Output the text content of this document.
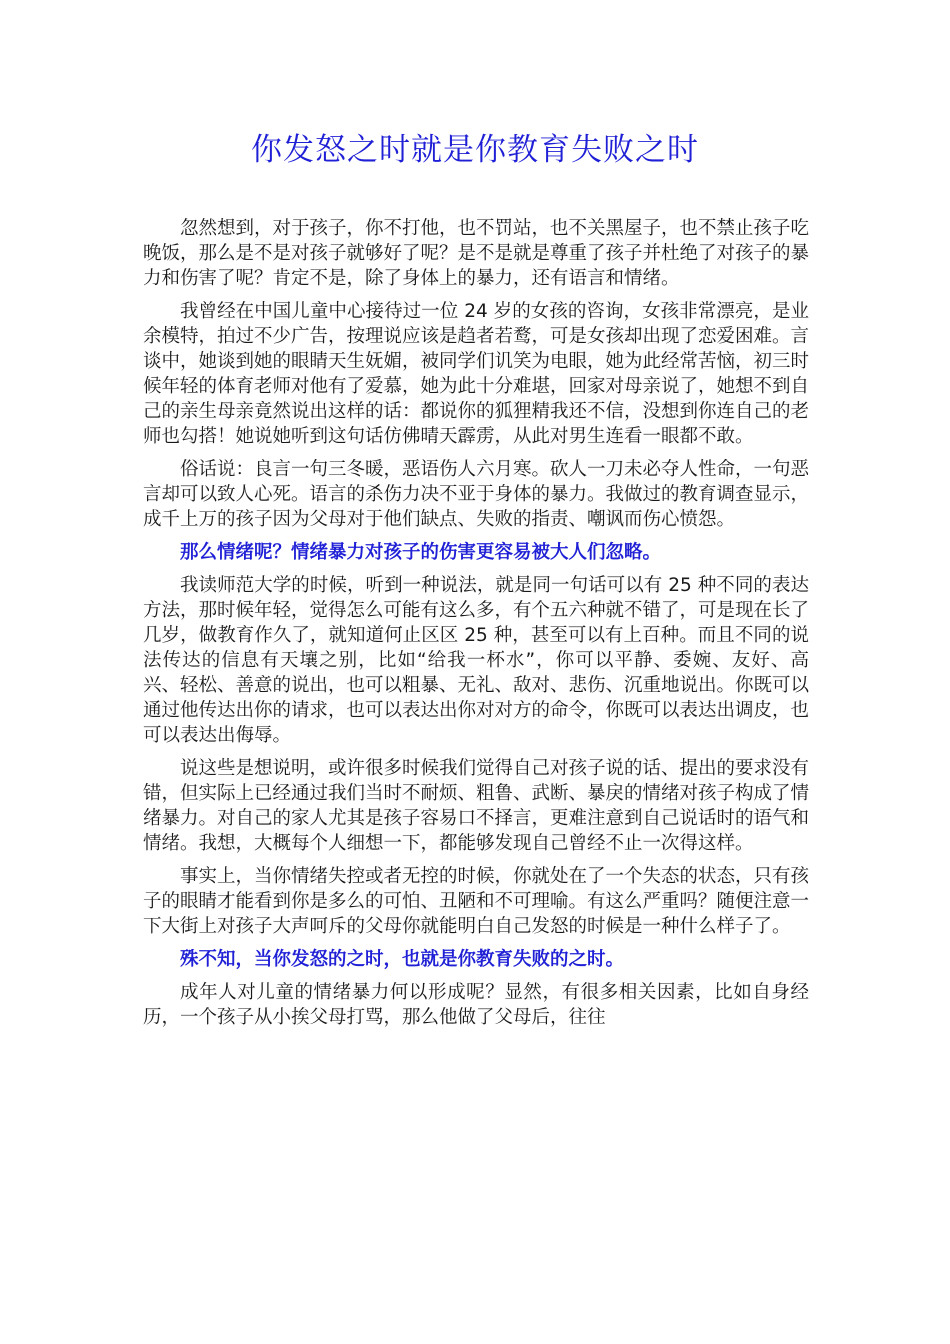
你发怒之时就是你教育失败之时

忽然想到，对于孩子，你不打他，也不罚站，也不关黑屋子，也不禁止孩子吃晚饭，那么是不是对孩子就够好了呢？是不是就是尊重了孩子并杜绝了对孩子的暴力和伤害了呢？肯定不是，除了身体上的暴力，还有语言和情绪。

我曾经在中国儿童中心接待过一位 24 岁的女孩的咨询，女孩非常漂亮，是业余模特，拍过不少广告，按理说应该是趋者若鹜，可是女孩却出现了恋爱困难。言谈中，她谈到她的眼睛天生妩媚，被同学们讥笑为电眼，她为此经常苦恼，初三时候年轻的体育老师对他有了爱慕，她为此十分难堪，回家对母亲说了，她想不到自己的亲生母亲竟然说出这样的话：都说你的狐狸精我还不信，没想到你连自己的老师也勾搭！她说她听到这句话仿佛晴天霹雳，从此对男生连看一眼都不敢。

俗话说：良言一句三冬暖，恶语伤人六月寒。砍人一刀未必夺人性命，一句恶言却可以致人心死。语言的杀伤力决不亚于身体的暴力。我做过的教育调查显示，成千上万的孩子因为父母对于他们缺点、失败的指责、嘲讽而伤心愤怨。

那么情绪呢？情绪暴力对孩子的伤害更容易被大人们忽略。

我读师范大学的时候，听到一种说法，就是同一句话可以有 25 种不同的表达方法，那时候年轻，觉得怎么可能有这么多，有个五六种就不错了，可是现在长了几岁，做教育作久了，就知道何止区区 25 种，甚至可以有上百种。而且不同的说法传达的信息有天壤之别，比如“给我一杯水”，你可以平静、委婉、友好、高兴、轻松、善意的说出，也可以粗暴、无礼、敌对、悲伤、沉重地说出。你既可以通过他传达出你的请求，也可以表达出你对对方的命令，你既可以表达出调皮，也可以表达出侮辱。

说这些是想说明，或许很多时候我们觉得自己对孩子说的话、提出的要求没有错，但实际上已经通过我们当时不耐烦、粗鲁、武断、暴戾的情绪对孩子构成了情绪暴力。对自己的家人尤其是孩子容易口不择言，更难注意到自己说话时的语气和情绪。我想，大概每个人细想一下，都能够发现自己曾经不止一次得这样。

事实上，当你情绪失控或者无控的时候，你就处在了一个失态的状态，只有孩子的眼睛才能看到你是多么的可怕、丑陋和不可理喻。有这么严重吗？随便注意一下大街上对孩子大声呵斥的父母你就能明白自己发怒的时候是一种什么样子了。

殊不知，当你发怒的之时，也就是你教育失败的之时。

成年人对儿童的情绪暴力何以形成呢？显然，有很多相关因素，比如自身经历，一个孩子从小挨父母打骂，那么他做了父母后，往往
